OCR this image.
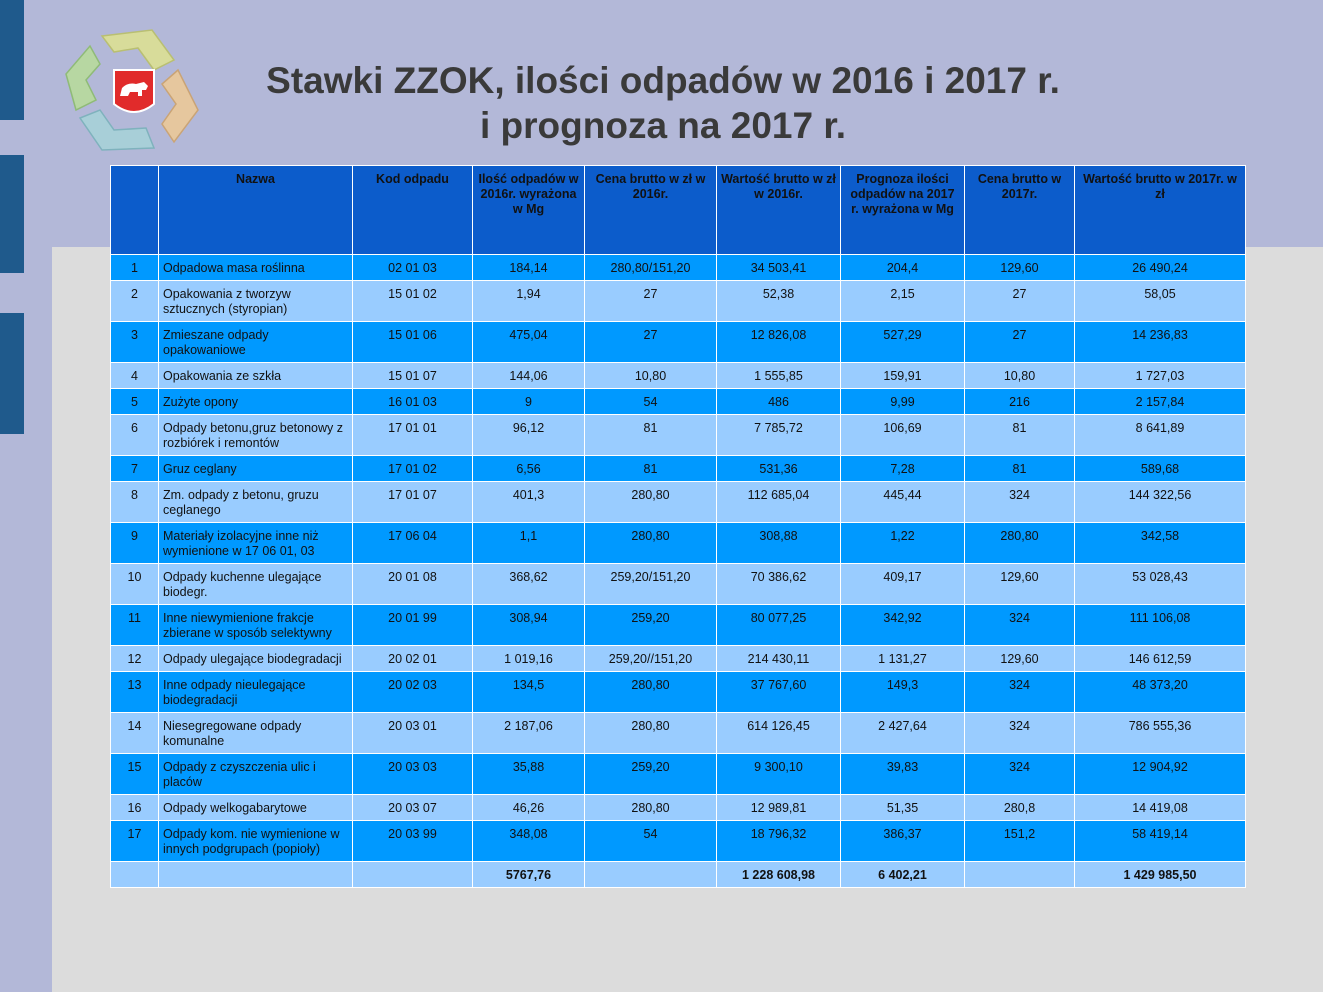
Stawki ZZOK, ilości odpadów w 2016 i 2017 r.
i prognoza na 2017 r.
	Nazwa	Kod odpadu	Ilość odpadów w 2016r. wyrażona w Mg	Cena brutto w zł w 2016r.	Wartość brutto w zł w 2016r.	Prognoza ilości odpadów na 2017 r. wyrażona w Mg	Cena brutto w 2017r.	Wartość brutto w 2017r. w zł
1	Odpadowa masa roślinna	02 01 03	184,14	280,80/151,20	34 503,41	204,4	129,60	26 490,24
2	Opakowania z tworzyw sztucznych (styropian)	15 01 02	1,94	27	52,38	2,15	27	58,05
3	Zmieszane odpady opakowaniowe	15 01 06	475,04	27	12 826,08	527,29	27	14 236,83
4	Opakowania ze szkła	15 01 07	144,06	10,80	1 555,85	159,91	10,80	1 727,03
5	Zużyte opony	16 01 03	9	54	486	9,99	216	2 157,84
6	Odpady betonu,gruz betonowy z rozbiórek i remontów	17 01 01	96,12	81	7 785,72	106,69	81	8 641,89
7	Gruz ceglany	17 01 02	6,56	81	531,36	7,28	81	589,68
8	Zm. odpady z betonu, gruzu ceglanego	17 01 07	401,3	280,80	112 685,04	445,44	324	144 322,56
9	Materiały izolacyjne inne niż wymienione w 17 06 01, 03	17 06 04	1,1	280,80	308,88	1,22	280,80	342,58
10	Odpady kuchenne ulegające biodegr.	20 01 08	368,62	259,20/151,20	70 386,62	409,17	129,60	53 028,43
11	Inne niewymienione frakcje zbierane w sposób selektywny	20 01 99	308,94	259,20	80 077,25	342,92	324	111 106,08
12	Odpady ulegające biodegradacji	20 02 01	1 019,16	259,20//151,20	214 430,11	1 131,27	129,60	146 612,59
13	Inne odpady nieulegające biodegradacji	20 02 03	134,5	280,80	37 767,60	149,3	324	48 373,20
14	Niesegregowane odpady komunalne	20 03 01	2 187,06	280,80	614 126,45	2 427,64	324	786 555,36
15	Odpady z czyszczenia ulic i placów	20 03 03	35,88	259,20	9 300,10	39,83	324	12 904,92
16	Odpady welkogabarytowe	20 03 07	46,26	280,80	12 989,81	51,35	280,8	14 419,08
17	Odpady kom. nie wymienione w innych podgrupach (popioły)	20 03 99	348,08	54	18 796,32	386,37	151,2	58 419,14
			5767,76		1 228 608,98	6 402,21		1 429 985,50
